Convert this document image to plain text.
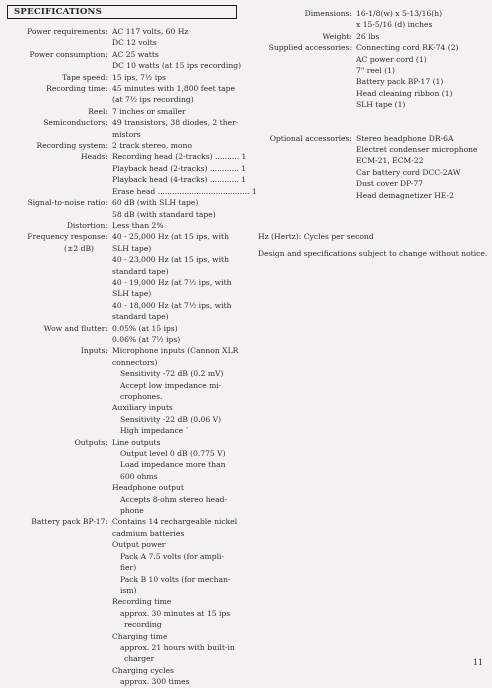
SPECIFICATIONS
Power requirements: AC 117 volts, 60 Hz
DC 12 volts
Power consumption: AC 25 watts
DC 10 watts (at 15 ips recording)
Tape speed: 15 ips, 7½ ips
Recording time: 45 minutes with 1,800 feet tape
(at 7½ ips recording)
Reel: 7 inches or smaller
Semiconductors: 49 transistors, 38 diodes, 2 ther-
mistors
Recording system: 2 track stereo, mono
Heads: Recording head (2-tracks) .......... 1
Playback head (2-tracks) ............ 1
Playback head (4-tracks) ............ 1
Erase head ...................................... 1
Signal-to-noise ratio: 60 dB (with SLH tape)
58 dB (with standard tape)
Distortion: Less than 2%
Frequency response:
(±2 dB)
40 - 25,000 Hz (at 15 ips, with
SLH tape)
40 - 23,000 Hz (at 15 ips, with
standard tape)
40 - 19,000 Hz (at 7½ ips, with
SLH tape)
40 - 18,000 Hz (at 7½ ips, with
standard tape)
Wow and flutter: 0.05% (at 15 ips)
0.06% (at 7½ ips)
Inputs: Microphone inputs (Cannon XLR
connectors)
Sensitivity -72 dB (0.2 mV)
Accept low impedance mi-
crophones.
Auxiliary inputs
Sensitivity -22 dB (0.06 V)
High impedance `
Outputs: Line outputs
Output level 0 dB (0.775 V)
Load impedance more than
600 ohms
Headphone output
Accepts 8-ohm stereo head-
phone
Battery pack BP-17: Contains 14 rechargeable nickel
cadmium batteries
Output power
Pack A 7.5 volts (for ampli-
fier)
Pack B 10 volts (for mechan-
ism)
Recording time
approx. 30 minutes at 15 ips
recording
Charging time
approx. 21 hours with built-in
charger
Charging cycles
approx. 300 times
Dimensions: 16-1/8(w) x 5-13/16(h)
x 15-5/16 (d) inches
Weight: 26 lbs
Supplied accessories: Connecting cord RK-74 (2)
AC power cord (1)
7" reel (1)
Battery pack BP-17 (1)
Head cleaning ribbon (1)
SLH tape (1)
Optional accessories: Stereo headphone DR-6A
Electret condenser microphone
ECM-21, ECM-22
Car battery cord DCC-2AW
Dust cover DP-77
Head demagnetizer HE-2
Hz (Hertz): Cycles per second
Design and specifications subject to change without notice.
11
